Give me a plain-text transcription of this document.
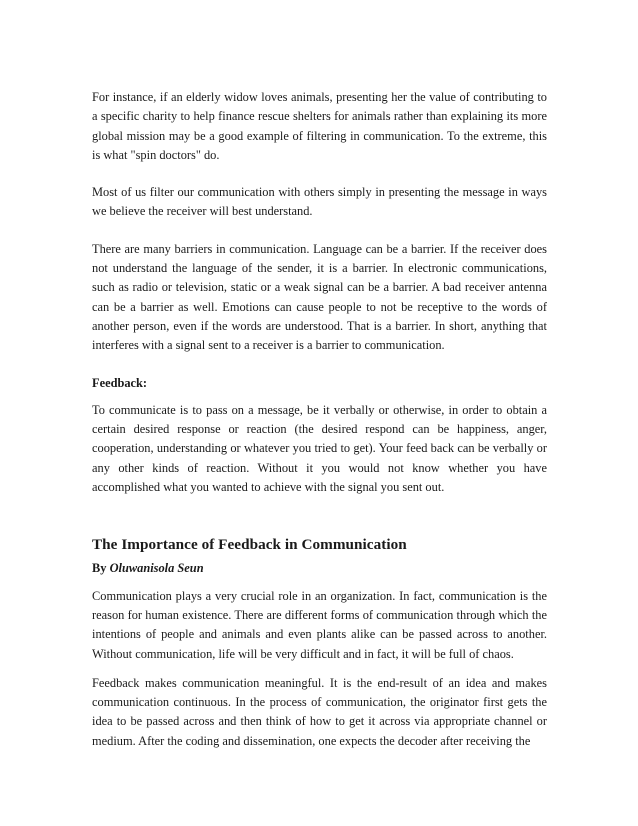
For instance, if an elderly widow loves animals, presenting her the value of contributing to a specific charity to help finance rescue shelters for animals rather than explaining its more global mission may be a good example of filtering in communication. To the extreme, this is what "spin doctors" do.

Most of us filter our communication with others simply in presenting the message in ways we believe the receiver will best understand.

There are many barriers in communication. Language can be a barrier. If the receiver does not understand the language of the sender, it is a barrier. In electronic communications, such as radio or television, static or a weak signal can be a barrier. A bad receiver antenna can be a barrier as well. Emotions can cause people to not be receptive to the words of another person, even if the words are understood. That is a barrier. In short, anything that interferes with a signal sent to a receiver is a barrier to communication.

Feedback:

To communicate is to pass on a message, be it verbally or otherwise, in order to obtain a certain desired response or reaction (the desired respond can be happiness, anger, cooperation, understanding or whatever you tried to get). Your feed back can be verbally or any other kinds of reaction. Without it you would not know whether you have accomplished what you wanted to achieve with the signal you sent out.

The Importance of Feedback in Communication

By Oluwanisola Seun

Communication plays a very crucial role in an organization. In fact, communication is the reason for human existence. There are different forms of communication through which the intentions of people and animals and even plants alike can be passed across to another. Without communication, life will be very difficult and in fact, it will be full of chaos.

Feedback makes communication meaningful. It is the end-result of an idea and makes communication continuous. In the process of communication, the originator first gets the idea to be passed across and then think of how to get it across via appropriate channel or medium. After the coding and dissemination, one expects the decoder after receiving the
